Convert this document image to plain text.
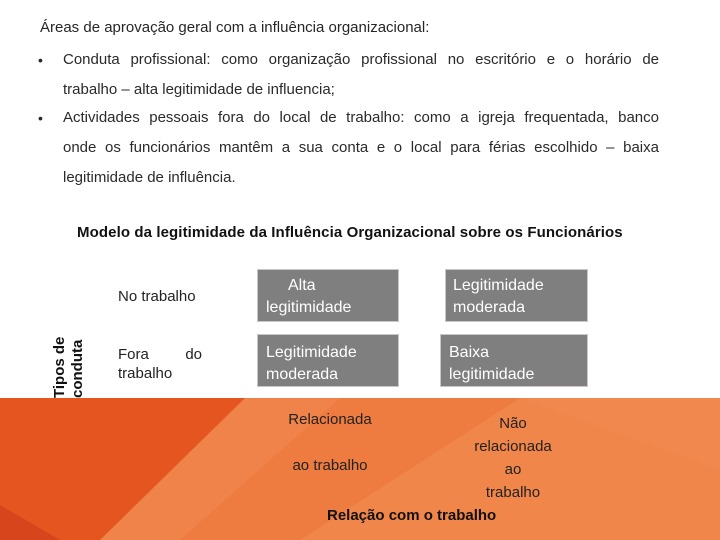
Áreas de aprovação geral com a influência organizacional:
• Conduta profissional: como organização profissional no escritório e o horário de
trabalho – alta legitimidade de influencia;
• Actividades pessoais fora do local de trabalho: como a igreja frequentada, banco
onde os funcionários mantêm a sua conta e o local para férias escolhido – baixa
legitimidade de influência.
Modelo da legitimidade da Influência Organizacional sobre os Funcionários
Tipos de conduta
No trabalho
Fora do
trabalho
Alta
legitimidade
Legitimidade
moderada
Legitimidade
moderada
Baixa
legitimidade
Relacionada
ao trabalho
Não
relacionada
ao
trabalho
Relação com o trabalho
